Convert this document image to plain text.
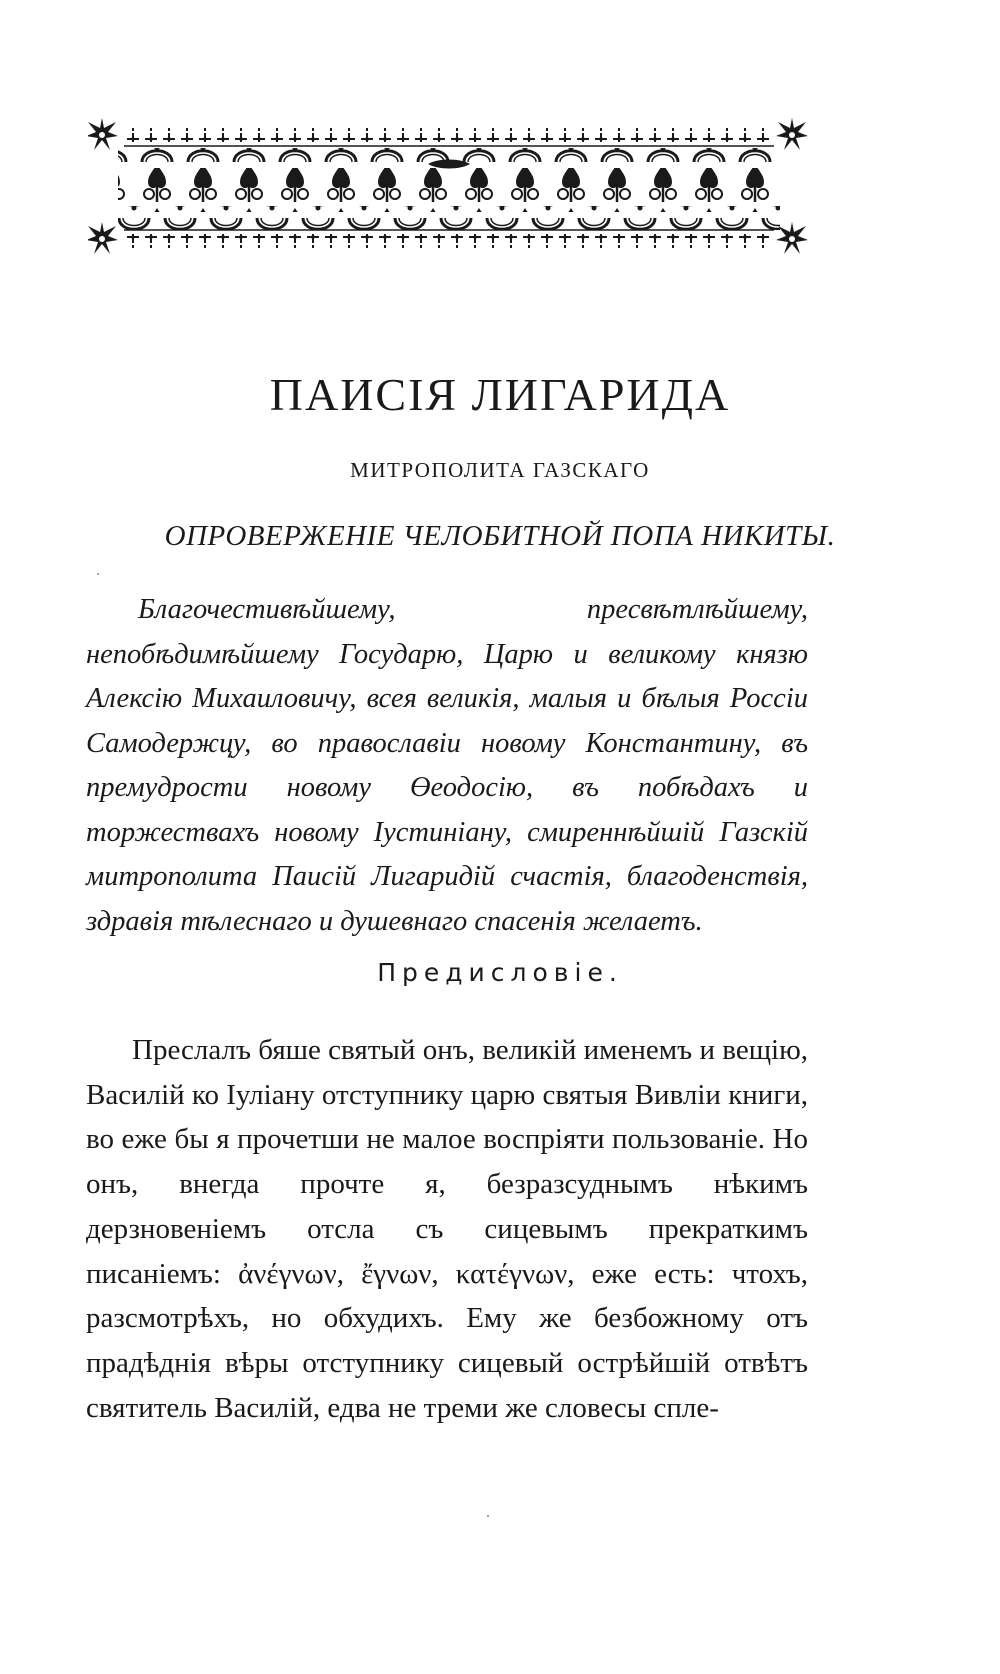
ПАИСІЯ ЛИГАРИДА
МИТРОПОЛИТА ГАЗСКАГО
ОПРОВЕРЖЕНІЕ ЧЕЛОБИТНОЙ ПОПА НИКИТЫ.
Благочестивѣйшему, пресвѣтлѣйшему, непобѣдимѣйшему Государю, Царю и великому князю Алексію Михаиловичу, всея великія, малыя и бѣлыя Россіи Самодержцу, во православіи новому Константину, въ премудрости новому Өеодосію, въ побѣдахъ и торжествахъ новому Іустиніану, смиреннѣйшій Газскій митрополита Паисій Лигаридій счастія, благоденствія, здравія тѣлеснаго и душевнаго спасенія желаетъ.
Предисловіе.
Преслалъ бяше святый онъ, великій именемъ и вещію, Василій ко Іуліану отступнику царю святыя Вивліи книги, во еже бы я прочетши не малое воспріяти пользованіе. Но онъ, внегда прочте я, безразсуднымъ нѣкимъ дерзновеніемъ отсла съ сицевымъ прекраткимъ писаніемъ: ἀνέγνων, ἔγνων, κατέγνων, еже есть: чтохъ, разсмотрѣхъ, но обхудихъ. Ему же безбожному отъ прадѣднія вѣры отступнику сицевый острѣйшій отвѣтъ святитель Василій, едва не треми же словесы спле-
